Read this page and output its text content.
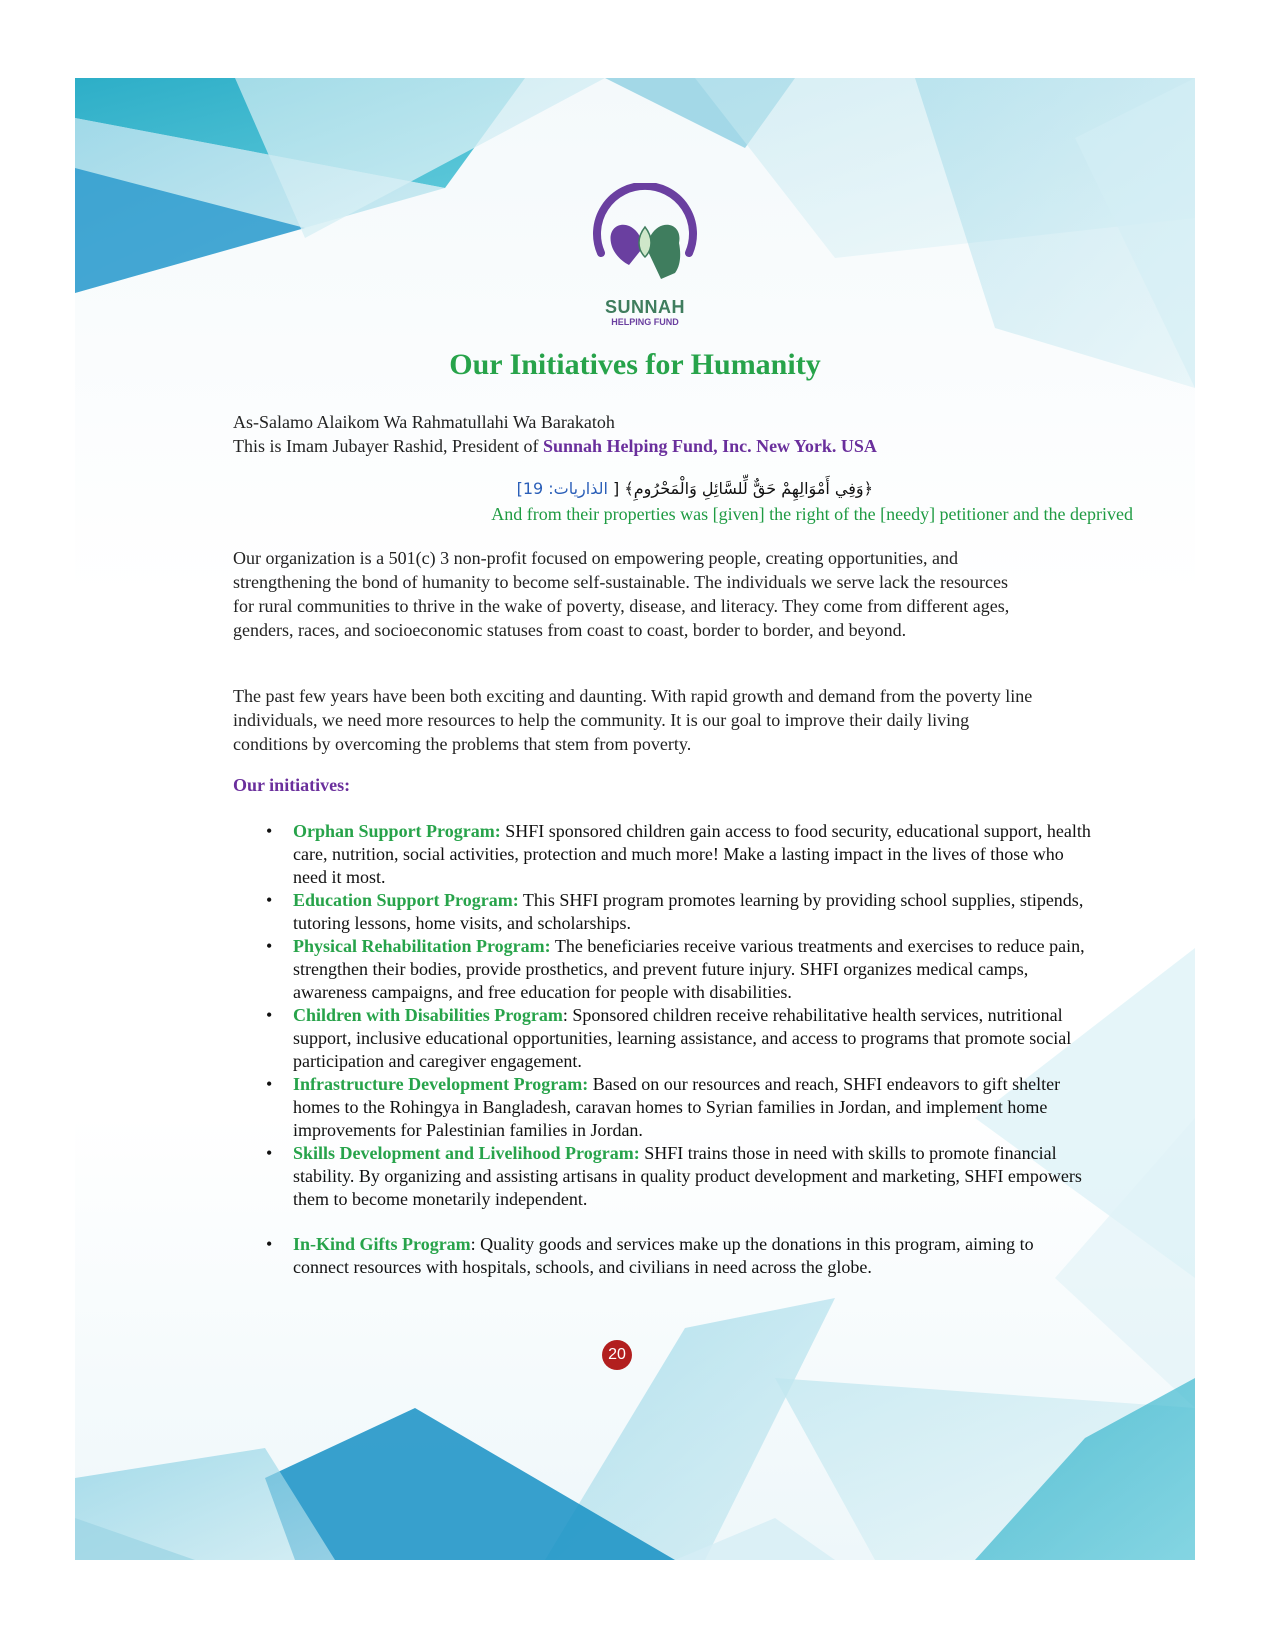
SUNNAH
HELPING FUND
Our Initiatives for Humanity
As-Salamo Alaikom Wa Rahmatullahi Wa Barakatoh
This is Imam Jubayer Rashid, President of Sunnah Helping Fund, Inc. New York. USA
﴿وَفِي أَمْوَالِهِمْ حَقٌّ لِّلسَّائِلِ وَالْمَحْرُومِ﴾ [ الذاريات: 19]
And from their properties was [given] the right of the [needy] petitioner and the deprived
Our organization is a 501(c) 3 non-profit focused on empowering people, creating opportunities, and strengthening the bond of humanity to become self-sustainable. The individuals we serve lack the resources for rural communities to thrive in the wake of poverty, disease, and literacy. They come from different ages, genders, races, and socioeconomic statuses from coast to coast, border to border, and beyond.
The past few years have been both exciting and daunting. With rapid growth and demand from the poverty line individuals, we need more resources to help the community. It is our goal to improve their daily living conditions by overcoming the problems that stem from poverty.
Our initiatives:
• Orphan Support Program: SHFI sponsored children gain access to food security, educational support, health care, nutrition, social activities, protection and much more! Make a lasting impact in the lives of those who need it most.
• Education Support Program: This SHFI program promotes learning by providing school supplies, stipends, tutoring lessons, home visits, and scholarships.
• Physical Rehabilitation Program: The beneficiaries receive various treatments and exercises to reduce pain, strengthen their bodies, provide prosthetics, and prevent future injury. SHFI organizes medical camps, awareness campaigns, and free education for people with disabilities.
• Children with Disabilities Program: Sponsored children receive rehabilitative health services, nutritional support, inclusive educational opportunities, learning assistance, and access to programs that promote social participation and caregiver engagement.
• Infrastructure Development Program: Based on our resources and reach, SHFI endeavors to gift shelter homes to the Rohingya in Bangladesh, caravan homes to Syrian families in Jordan, and implement home improvements for Palestinian families in Jordan.
• Skills Development and Livelihood Program: SHFI trains those in need with skills to promote financial stability. By organizing and assisting artisans in quality product development and marketing, SHFI empowers them to become monetarily independent.
• In-Kind Gifts Program: Quality goods and services make up the donations in this program, aiming to connect resources with hospitals, schools, and civilians in need across the globe.
20
